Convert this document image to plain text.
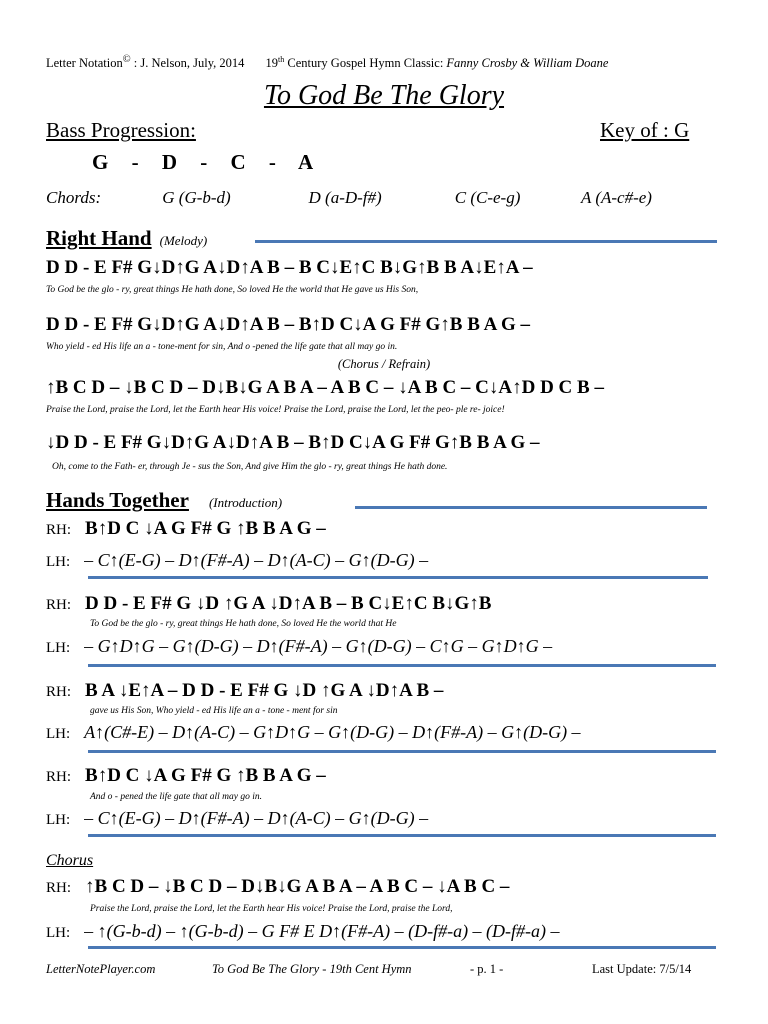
Letter Notation© : J. Nelson, July, 2014 19th Century Gospel Hymn Classic: Fanny Crosby & William Doane
To God Be The Glory
Bass Progression:	Key of : G
G - D - C - A
Chords:	G (G-b-d)	D (a-D-f#)	C (C-e-g)	A (A-c#-e)
Right Hand (Melody)
D D - E F# G↓D↑G A↓D↑A B – B C↓E↑C B↓G↑B B A↓E↑A –
To God be the glo - ry, great things He hath done, So loved He the world that He gave us His Son,
D D - E F# G↓D↑G A↓D↑A B – B↑D C↓A G F# G↑B B A G –
Who yield - ed His life an a - tone-ment for sin, And o -pened the life gate that all may go in.
(Chorus / Refrain)
↑B C D – ↓B C D – D↓B↓G A B A – A B C – ↓A B C – C↓A↑D D C B –
Praise the Lord, praise the Lord, let the Earth hear His voice! Praise the Lord, praise the Lord, let the peo- ple re- joice!
↓D D - E F# G↓D↑G A↓D↑A B – B↑D C↓A G F# G↑B B A G –
Oh, come to the Fath- er, through Je - sus the Son, And give Him the glo - ry, great things He hath done.
Hands Together (Introduction)
RH: B↑D C ↓A G F# G ↑B B A G –
LH: – C↑(E-G) – D↑(F#-A) – D↑(A-C) – G↑(D-G) –
RH: D D - E F# G ↓D ↑G A ↓D↑A B – B C↓E↑C B↓G↑B
To God be the glo - ry, great things He hath done, So loved He the world that He
LH: – G↑D↑G – G↑(D-G) – D↑(F#-A) – G↑(D-G) – C↑G – G↑D↑G –
RH: B A ↓E↑A – D D - E F# G ↓D ↑G A ↓D↑A B –
gave us His Son, Who yield - ed His life an a - tone - ment for sin
LH: A↑(C#-E) – D↑(A-C) – G↑D↑G – G↑(D-G) – D↑(F#-A) – G↑(D-G) –
RH: B↑D C ↓A G F# G ↑B B A G –
And o - pened the life gate that all may go in.
LH: – C↑(E-G) – D↑(F#-A) – D↑(A-C) – G↑(D-G) –
Chorus
RH: ↑B C D – ↓B C D – D↓B↓G A B A – A B C – ↓A B C –
Praise the Lord, praise the Lord, let the Earth hear His voice! Praise the Lord, praise the Lord,
LH: – ↑(G-b-d) – ↑(G-b-d) – G F# E D↑(F#-A) – (D-f#-a) – (D-f#-a) –
LetterNotePlayer.com	To God Be The Glory - 19th Cent Hymn	- p. 1 -	Last Update: 7/5/14
